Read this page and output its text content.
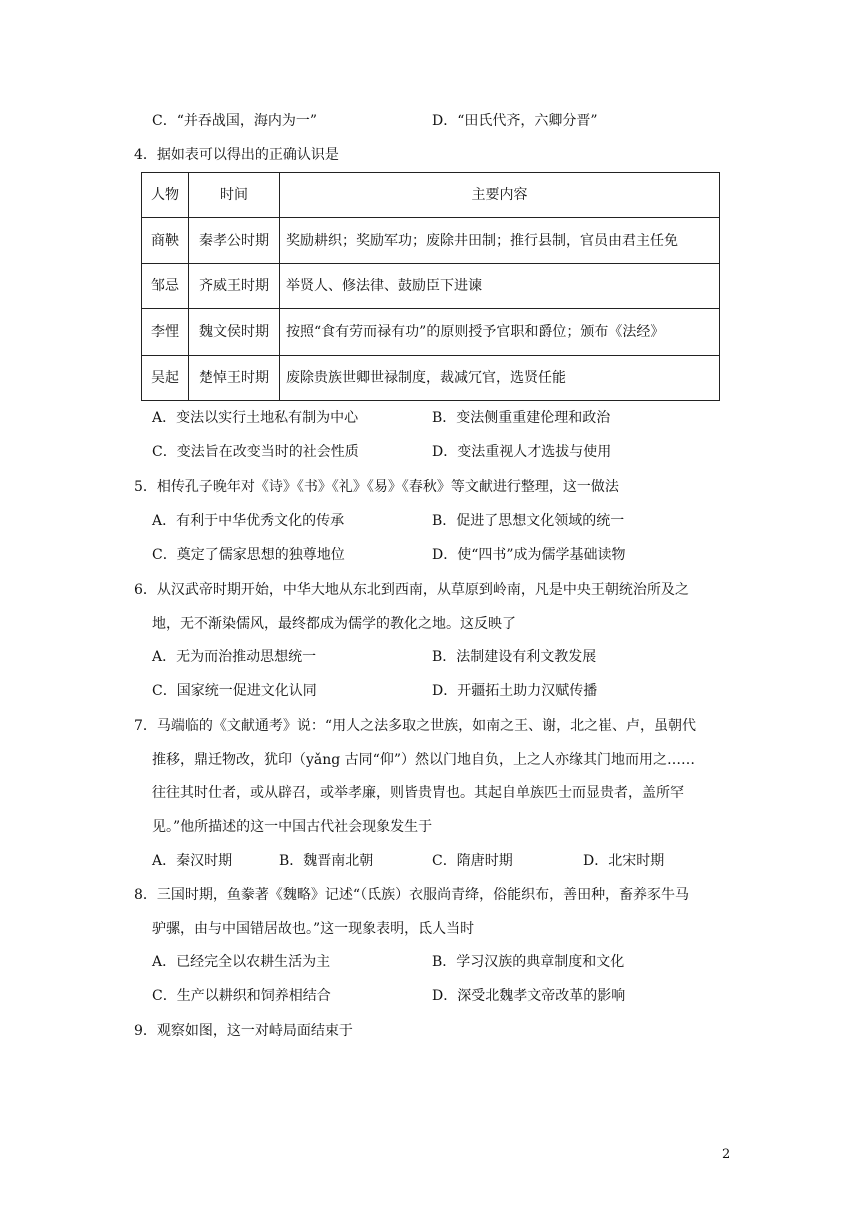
C．“并吞战国，海内为一”	D．“田氏代齐，六卿分晋”
4．据如表可以得出的正确认识是
人物	时间	主要内容
商鞅	秦孝公时期	奖励耕织；奖励军功；废除井田制；推行县制，官员由君主任免
邹忌	齐威王时期	举贤人、修法律、鼓励臣下进谏
李悝	魏文侯时期	按照“食有劳而禄有功”的原则授予官职和爵位；颁布《法经》
吴起	楚悼王时期	废除贵族世卿世禄制度，裁减冗官，选贤任能
A．变法以实行土地私有制为中心	B．变法侧重重建伦理和政治
C．变法旨在改变当时的社会性质	D．变法重视人才选拔与使用
5．相传孔子晚年对《诗》《书》《礼》《易》《春秋》等文献进行整理，这一做法
A．有利于中华优秀文化的传承	B．促进了思想文化领域的统一
C．奠定了儒家思想的独尊地位	D．使“四书”成为儒学基础读物
6．从汉武帝时期开始，中华大地从东北到西南，从草原到岭南，凡是中央王朝统治所及之
地，无不渐染儒风，最终都成为儒学的教化之地。这反映了
A．无为而治推动思想统一	B．法制建设有利文教发展
C．国家统一促进文化认同	D．开疆拓土助力汉赋传播
7．马端临的《文献通考》说：“用人之法多取之世族，如南之王、谢，北之崔、卢，虽朝代
推移，鼎迁物改，犹印（yǎng 古同“仰”）然以门地自负，上之人亦缘其门地而用之……
往往其时仕者，或从辟召，或举孝廉，则皆贵胄也。其起自单族匹士而显贵者，盖所罕
见。”他所描述的这一中国古代社会现象发生于
A．秦汉时期	B．魏晋南北朝	C．隋唐时期	D．北宋时期
8．三国时期，鱼豢著《魏略》记述“（氐族）衣服尚青绛，俗能织布，善田种，畜养豕牛马
驴骡，由与中国错居故也。”这一现象表明，氐人当时
A．已经完全以农耕生活为主	B．学习汉族的典章制度和文化
C．生产以耕织和饲养相结合	D．深受北魏孝文帝改革的影响
9．观察如图，这一对峙局面结束于
2
